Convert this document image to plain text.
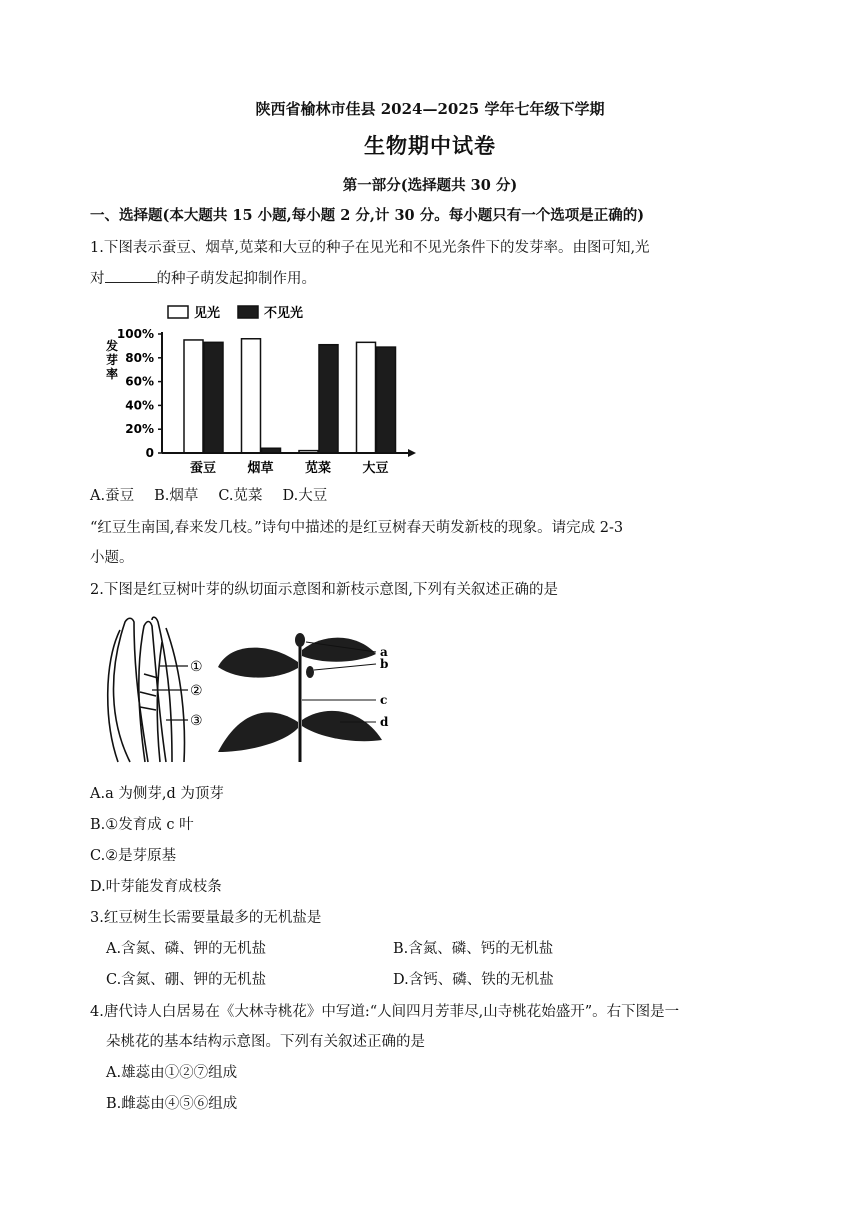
陕西省榆林市佳县 2024—2025 学年七年级下学期
生物期中试卷
第一部分(选择题共 30 分)
一、选择题(本大题共 15 小题,每小题 2 分,计 30 分。每小题只有一个选项是正确的)
1.下图表示蚕豆、烟草,苋菜和大豆的种子在见光和不见光条件下的发芽率。由图可知,光
对	的种子萌发起抑制作用。
见光	不见光
发
芽
率
0
20%
40%
60%
80%
100%
蚕豆 烟草 苋菜 大豆
A.蚕豆 B.烟草 C.苋菜 D.大豆
“红豆生南国,春来发几枝。”诗句中描述的是红豆树春天萌发新枝的现象。请完成 2-3
小题。
2.下图是红豆树叶芽的纵切面示意图和新枝示意图,下列有关叙述正确的是
①
②
③
a
b
c
d
A.a 为侧芽,d 为顶芽
B.①发育成 c 叶
C.②是芽原基
D.叶芽能发育成枝条
3.红豆树生长需要量最多的无机盐是
A.含氮、磷、钾的无机盐	B.含氮、磷、钙的无机盐
C.含氮、硼、钾的无机盐	D.含钙、磷、铁的无机盐
4.唐代诗人白居易在《大林寺桃花》中写道:“人间四月芳菲尽,山寺桃花始盛开”。右下图是一
朵桃花的基本结构示意图。下列有关叙述正确的是
A.雄蕊由①②⑦组成
B.雌蕊由④⑤⑥组成
